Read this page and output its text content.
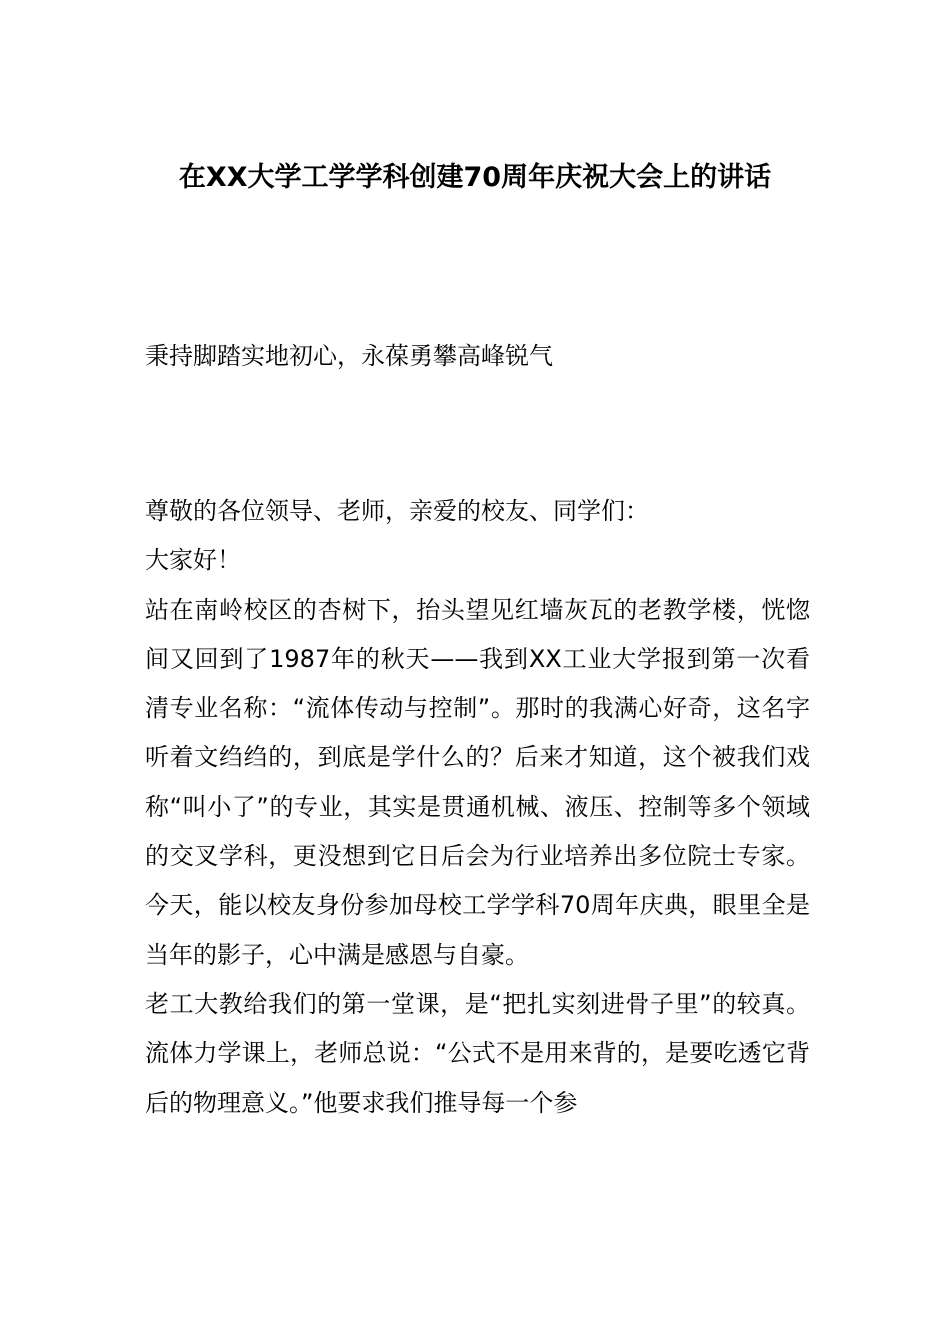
在XX大学工学学科创建70周年庆祝大会上的讲话
秉持脚踏实地初心，永葆勇攀高峰锐气

尊敬的各位领导、老师，亲爱的校友、同学们：

大家好！

站在南岭校区的杏树下，抬头望见红墙灰瓦的老教学楼，恍惚间又回到了1987年的秋天——我到XX工业大学报到第一次看清专业名称：“流体传动与控制”。那时的我满心好奇，这名字听着文绉绉的，到底是学什么的？后来才知道，这个被我们戏称“叫小了”的专业，其实是贯通机械、液压、控制等多个领域的交叉学科，更没想到它日后会为行业培养出多位院士专家。今天，能以校友身份参加母校工学学科70周年庆典，眼里全是当年的影子，心中满是感恩与自豪。

老工大教给我们的第一堂课，是“把扎实刻进骨子里”的较真。流体力学课上，老师总说：“公式不是用来背的，是要吃透它背后的物理意义。”他要求我们推导每一个参
